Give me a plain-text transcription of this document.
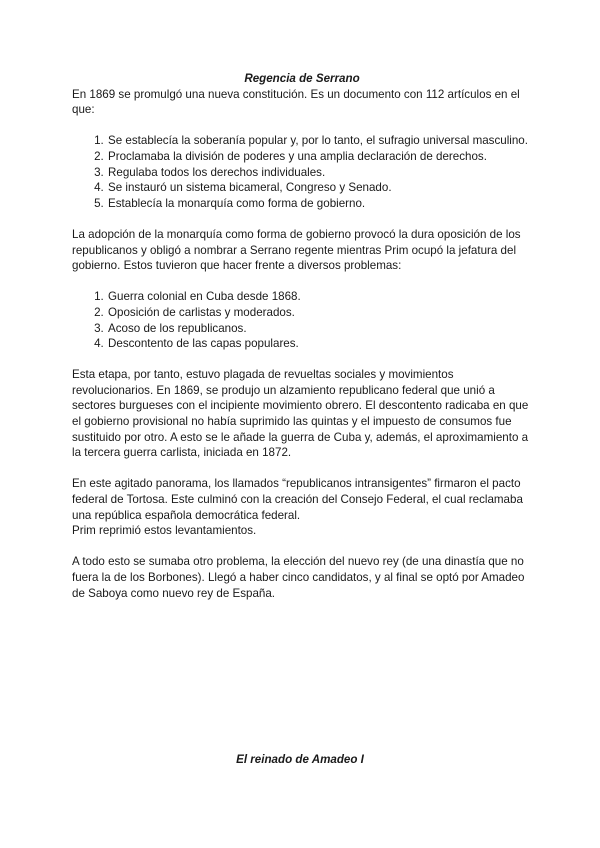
Regencia de Serrano

En 1869 se promulgó una nueva constitución. Es un documento con 112 artículos en el que:

1. Se establecía la soberanía popular y, por lo tanto, el sufragio universal masculino.
2. Proclamaba la división de poderes y una amplia declaración de derechos.
3. Regulaba todos los derechos individuales.
4. Se instauró un sistema bicameral, Congreso y Senado.
5. Establecía la monarquía como forma de gobierno.

La adopción de la monarquía como forma de gobierno provocó la dura oposición de los republicanos y obligó a nombrar a Serrano regente mientras Prim ocupó la jefatura del gobierno. Estos tuvieron que hacer frente a diversos problemas:

1. Guerra colonial en Cuba desde 1868.
2. Oposición de carlistas y moderados.
3. Acoso de los republicanos.
4. Descontento de las capas populares.

Esta etapa, por tanto, estuvo plagada de revueltas sociales y movimientos revolucionarios. En 1869, se produjo un alzamiento republicano federal que unió a sectores burgueses con el incipiente movimiento obrero. El descontento radicaba en que el gobierno provisional no había suprimido las quintas y el impuesto de consumos fue sustituido por otro. A esto se le añade la guerra de Cuba y, además, el aproximamiento a la tercera guerra carlista, iniciada en 1872.

En este agitado panorama, los llamados “republicanos intransigentes” firmaron el pacto federal de Tortosa. Este culminó con la creación del Consejo Federal, el cual reclamaba una república española democrática federal.

Prim reprimió estos levantamientos.

A todo esto se sumaba otro problema, la elección del nuevo rey (de una dinastía que no fuera la de los Borbones). Llegó a haber cinco candidatos, y al final se optó por Amadeo de Saboya como nuevo rey de España.

El reinado de Amadeo I
